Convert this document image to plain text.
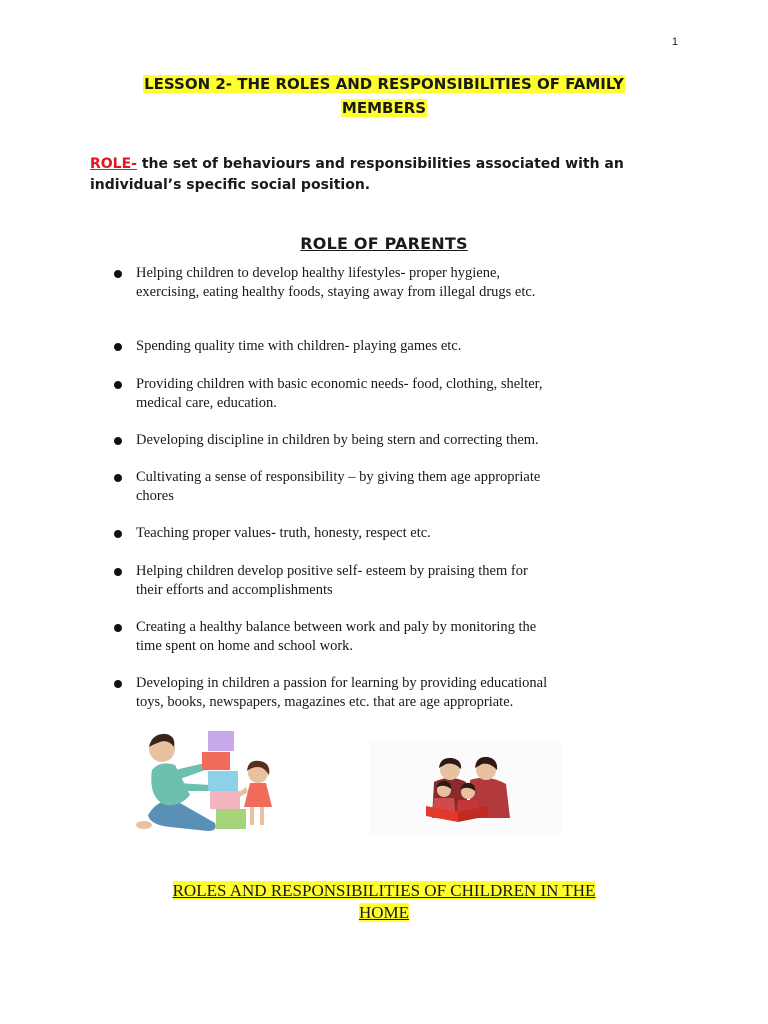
1
LESSON 2- THE ROLES AND RESPONSIBILITIES OF FAMILY
MEMBERS
ROLE- the set of behaviours and responsibilities associated with an
individual’s specific social position.
ROLE OF PARENTS
Helping children to develop healthy lifestyles- proper hygiene,
exercising, eating healthy foods, staying away from illegal drugs etc.
Spending quality time with children- playing games etc.
Providing children with basic economic needs- food, clothing, shelter,
medical care, education.
Developing discipline in children by being stern and correcting them.
Cultivating a sense of responsibility – by giving them age appropriate
chores
Teaching proper values- truth, honesty, respect etc.
Helping children develop positive self- esteem by praising them for
their efforts and accomplishments
Creating a healthy balance between work and paly by monitoring the
time spent on home and school work.
Developing in children a passion for learning by providing educational
toys, books, newspapers, magazines etc. that are age appropriate.
ROLES AND RESPONSIBILITIES OF CHILDREN IN THE
HOME
